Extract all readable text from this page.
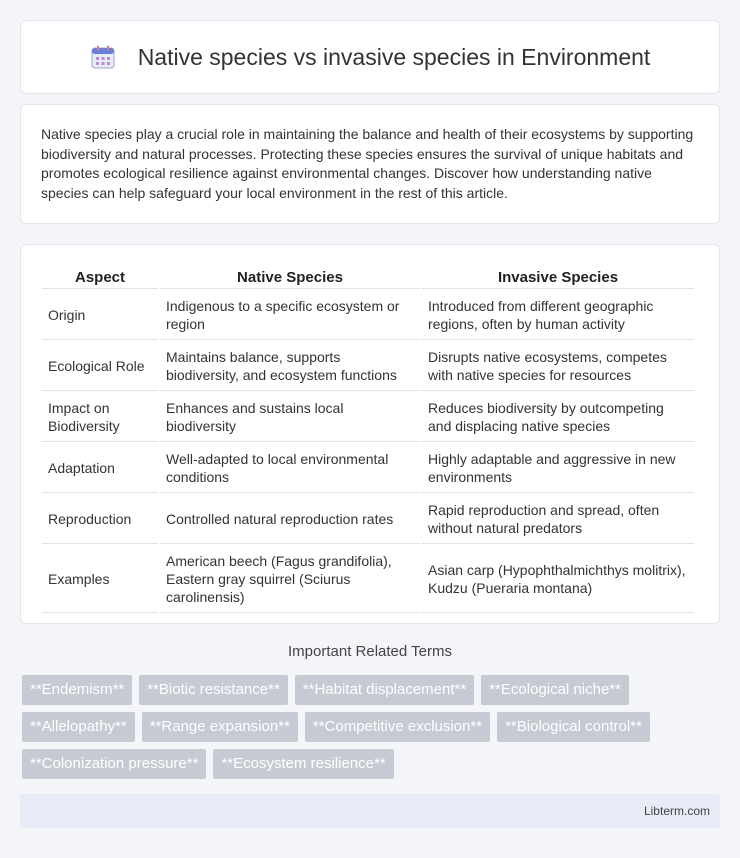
Native species vs invasive species in Environment

Native species play a crucial role in maintaining the balance and health of their ecosystems by supporting biodiversity and natural processes. Protecting these species ensures the survival of unique habitats and promotes ecological resilience against environmental changes. Discover how understanding native species can help safeguard your local environment in the rest of this article.

Aspect	Native Species	Invasive Species
Origin	Indigenous to a specific ecosystem or region	Introduced from different geographic regions, often by human activity
Ecological Role	Maintains balance, supports biodiversity, and ecosystem functions	Disrupts native ecosystems, competes with native species for resources
Impact on Biodiversity	Enhances and sustains local biodiversity	Reduces biodiversity by outcompeting and displacing native species
Adaptation	Well-adapted to local environmental conditions	Highly adaptable and aggressive in new environments
Reproduction	Controlled natural reproduction rates	Rapid reproduction and spread, often without natural predators
Examples	American beech (Fagus grandifolia), Eastern gray squirrel (Sciurus carolinensis)	Asian carp (Hypophthalmichthys molitrix), Kudzu (Pueraria montana)
Important Related Terms
**Endemism**	**Biotic resistance**	**Habitat displacement**	**Ecological niche**
**Allelopathy**	**Range expansion**	**Competitive exclusion**	**Biological control**
**Colonization pressure**	**Ecosystem resilience**
Libterm.com
